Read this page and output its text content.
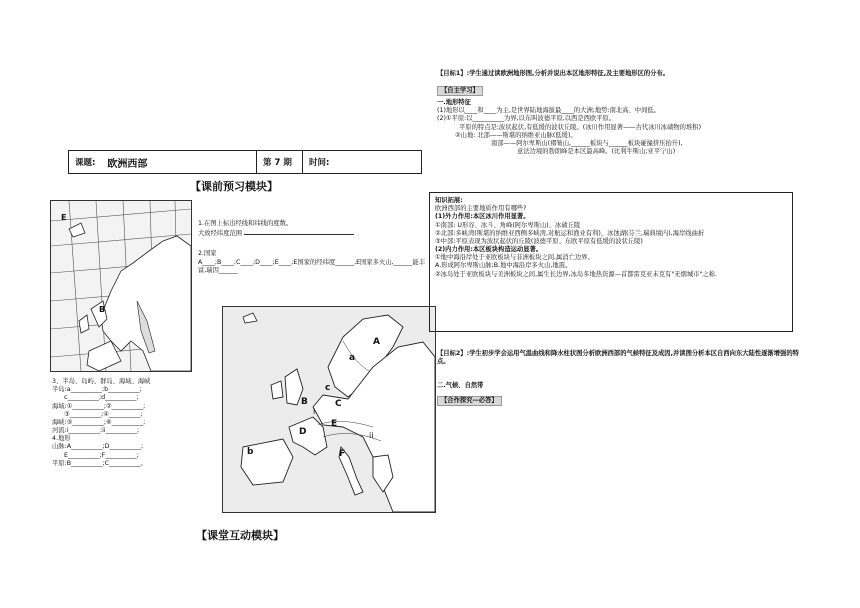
课题: 欧洲西部	第 7 期 时间:
【课前预习模块】
E
B
1.在图上标出经线和纬线的度数。
大致经纬度范围
2.国家
A____;B____;C____;D____;E____;E国家的经纬度______,E国家多火山,______能丰富,瑞因______
A
a
B
c
C
D
E
F
b
i
ii
3、半岛、岛屿、群岛、海域、海峡
半岛:a__________;b__________;
c__________;d__________;
海域:①__________;②__________;
③__________;④__________;
海峡:⑤__________;⑥__________;
河流:i__________;ii__________;
4.地形
山脉:A__________;D__________;
E__________;F__________;
平原:B__________;C__________。
【课堂互动模块】
【目标1】:学生通过读欧洲地形图,分析并说出本区地形特征,及主要地形区的分布。
【自主学习】
一.地形特征
(1)地形以____和____为主,是世界陆地海拔最____的大洲;地势:南北高、中间低。
(2)①平原:以__________为界,以东叫波德平原,以西是西欧平原。
平原的特点是:波状起伏,有低缓的波状丘陵。(冰川作用显著——古代冰川冰碛物的堆积)
②山地: 北部——斯堪的纳维亚山脉(低缓)。
南部——阿尔卑斯山(褶皱山,______板块与______板块碰撞挤压抬升),
意法边境的勃朗峰是本区最高峰。(比利牛斯山;亚平宁山)
知识拓展:
欧洲西部的主要地质作用有哪些?
(1)外力作用:本区冰川作用显著。
①南部: U形谷、冰斗、角峰(阿尔卑斯山)、冰碛丘陵
②北部:多峡湾(斯堪的纳维亚西侧多峡湾,对航运和渔业有利)、冰蚀湖(芬兰,瑞典境内),海岸线曲折
③中部:平原表现为波状起伏的丘陵(波德平原、东欧平原有低缓的波状丘陵)
(2)内力作用:本区板块构造运动显著。
①地中海沿岸处于亚欧板块与非洲板块之间,属消亡边界。
A.形成阿尔卑斯山脉;B.地中海沿岸多火山,地震。
②冰岛处于亚欧板块与美洲板块之间,属生长边界,冰岛多地热资源—首都雷克亚未克有"无烟城市"之称.
【目标2】:学生初步学会运用气温曲线和降水柱状图分析欧洲西部的气候特征及成因,并读图分析本区自西向东大陆性逐渐增强的特点。
二.气候、自然带
【合作探究—必答】
